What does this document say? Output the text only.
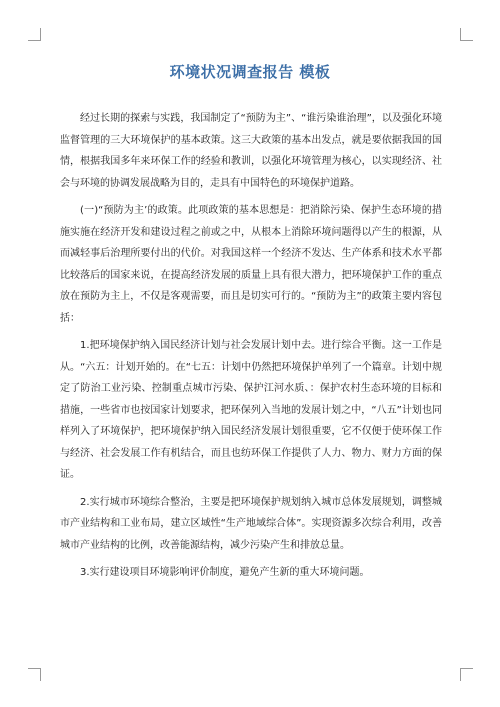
环境状况调查报告 模板

经过长期的探索与实践，我国制定了“预防为主”、“谁污染谁治理”，以及强化环境监督管理的三大环境保护的基本政策。这三大政策的基本出发点，就是要依据我国的国情，根据我国多年来环保工作的经验和教训，以强化环境管理为核心，以实现经济、社会与环境的协调发展战略为目的，走具有中国特色的环境保护道路。

(一)“预防为主’的政策。此项政策的基本思想是：把消除污染、保护生态环境的措施实施在经济开发和建设过程之前或之中，从根本上消除环境问题得以产生的根源，从而减轻事后治理所要付出的代价。对我国这样一个经济不发达、生产体系和技术水平都比较落后的国家来说，在提高经济发展的质量上具有很大潜力，把环境保护工作的重点放在预防为主上，不仅是客观需要，而且是切实可行的。“预防为主”的政策主要内容包括：

1.把环境保护纳入国民经济计划与社会发展计划中去。进行综合平衡。这一工作是从。“六五：计划开始的。在“七五：计划中仍然把环境保护单列了一个篇章。计划中规定了防治工业污染、控制重点城市污染、保护江河水质、：保护农村生态环境的目标和措施，一些省市也按国家计划要求，把环保列入当地的发展计划之中，“八五”计划也同样列入了环境保护，把环境保护纳入国民经济发展计划很重要，它不仅便于使环保工作与经济、社会发展工作有机结合，而且也纺环保工作提供了人力、物力、财力方面的保证。

2.实行城市环境综合整治，主要是把环境保护规划纳入城市总体发展规划，调整城市产业结构和工业布局，建立区域性“生产地域综合体”。实现资源多次综合利用，改善城市产业结构的比例，改善能源结构，减少污染产生和排放总量。

3.实行建设项目环境影响评价制度，避免产生新的重大环境问题。
